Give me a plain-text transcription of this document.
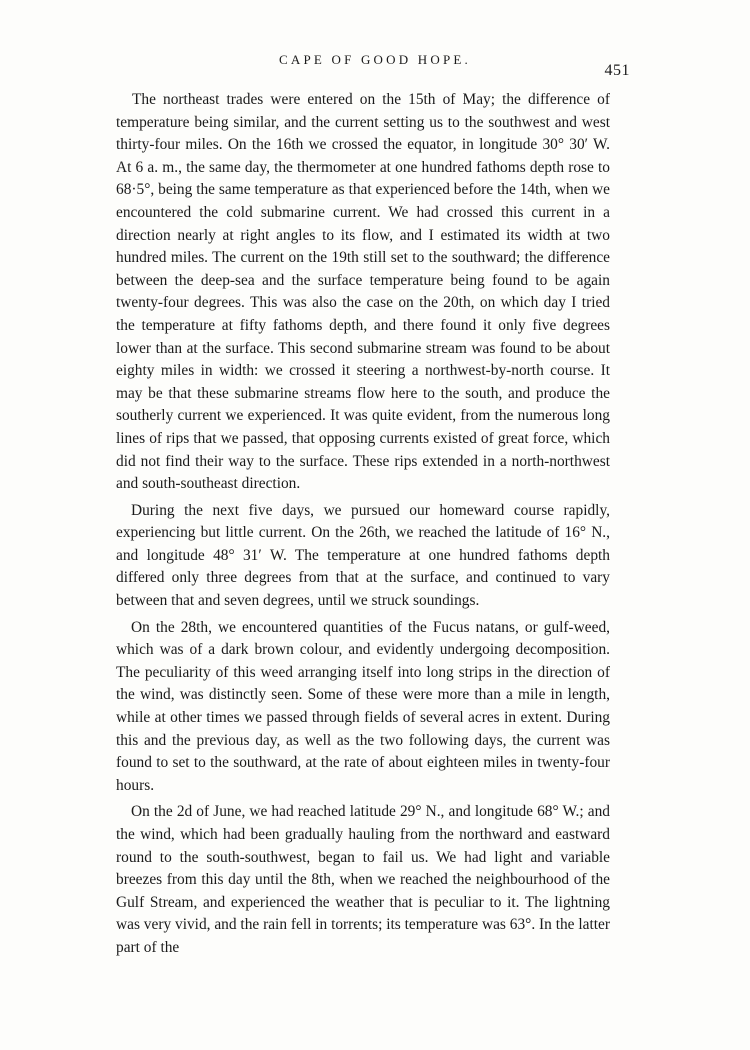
CAPE OF GOOD HOPE.
451

The northeast trades were entered on the 15th of May; the difference of temperature being similar, and the current setting us to the southwest and west thirty-four miles. On the 16th we crossed the equator, in longitude 30° 30′ W. At 6 a. m., the same day, the thermometer at one hundred fathoms depth rose to 68·5°, being the same temperature as that experienced before the 14th, when we encountered the cold submarine current. We had crossed this current in a direction nearly at right angles to its flow, and I estimated its width at two hundred miles. The current on the 19th still set to the southward; the difference between the deep-sea and the surface temperature being found to be again twenty-four degrees. This was also the case on the 20th, on which day I tried the temperature at fifty fathoms depth, and there found it only five degrees lower than at the surface. This second submarine stream was found to be about eighty miles in width: we crossed it steering a northwest-by-north course. It may be that these submarine streams flow here to the south, and produce the southerly current we experienced. It was quite evident, from the numerous long lines of rips that we passed, that opposing currents existed of great force, which did not find their way to the surface. These rips extended in a north-northwest and south-southeast direction.

During the next five days, we pursued our homeward course rapidly, experiencing but little current. On the 26th, we reached the latitude of 16° N., and longitude 48° 31′ W. The temperature at one hundred fathoms depth differed only three degrees from that at the surface, and continued to vary between that and seven degrees, until we struck soundings.

On the 28th, we encountered quantities of the Fucus natans, or gulf-weed, which was of a dark brown colour, and evidently undergoing decomposition. The peculiarity of this weed arranging itself into long strips in the direction of the wind, was distinctly seen. Some of these were more than a mile in length, while at other times we passed through fields of several acres in extent. During this and the previous day, as well as the two following days, the current was found to set to the southward, at the rate of about eighteen miles in twenty-four hours.

On the 2d of June, we had reached latitude 29° N., and longitude 68° W.; and the wind, which had been gradually hauling from the northward and eastward round to the south-southwest, began to fail us. We had light and variable breezes from this day until the 8th, when we reached the neighbourhood of the Gulf Stream, and experienced the weather that is peculiar to it. The lightning was very vivid, and the rain fell in torrents; its temperature was 63°. In the latter part of the
